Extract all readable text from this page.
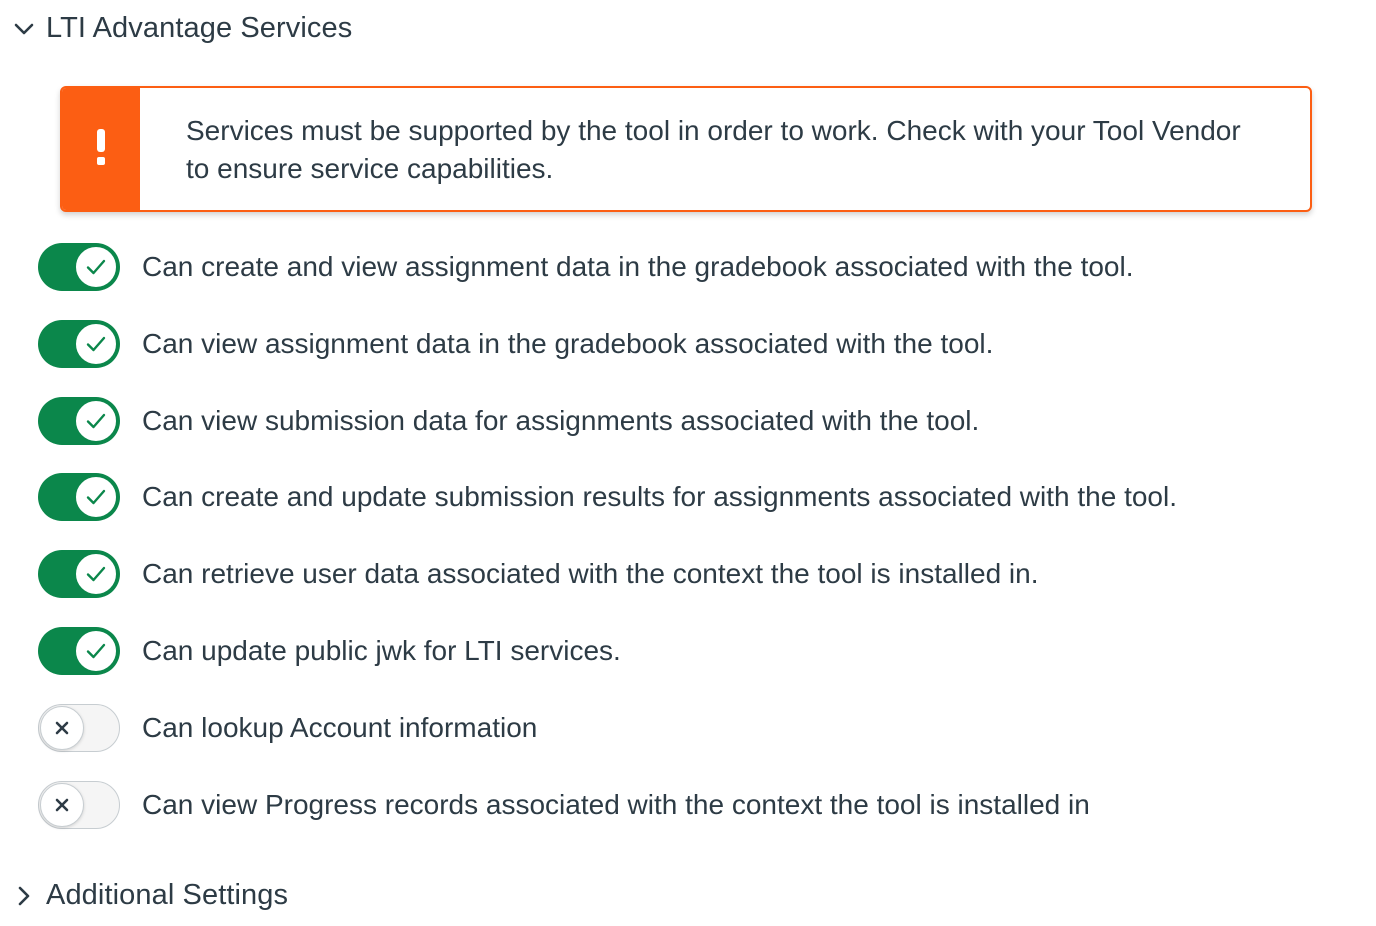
LTI Advantage Services
Services must be supported by the tool in order to work. Check with your Tool Vendor to ensure service capabilities.
Can create and view assignment data in the gradebook associated with the tool.
Can view assignment data in the gradebook associated with the tool.
Can view submission data for assignments associated with the tool.
Can create and update submission results for assignments associated with the tool.
Can retrieve user data associated with the context the tool is installed in.
Can update public jwk for LTI services.
Can lookup Account information
Can view Progress records associated with the context the tool is installed in
Additional Settings
